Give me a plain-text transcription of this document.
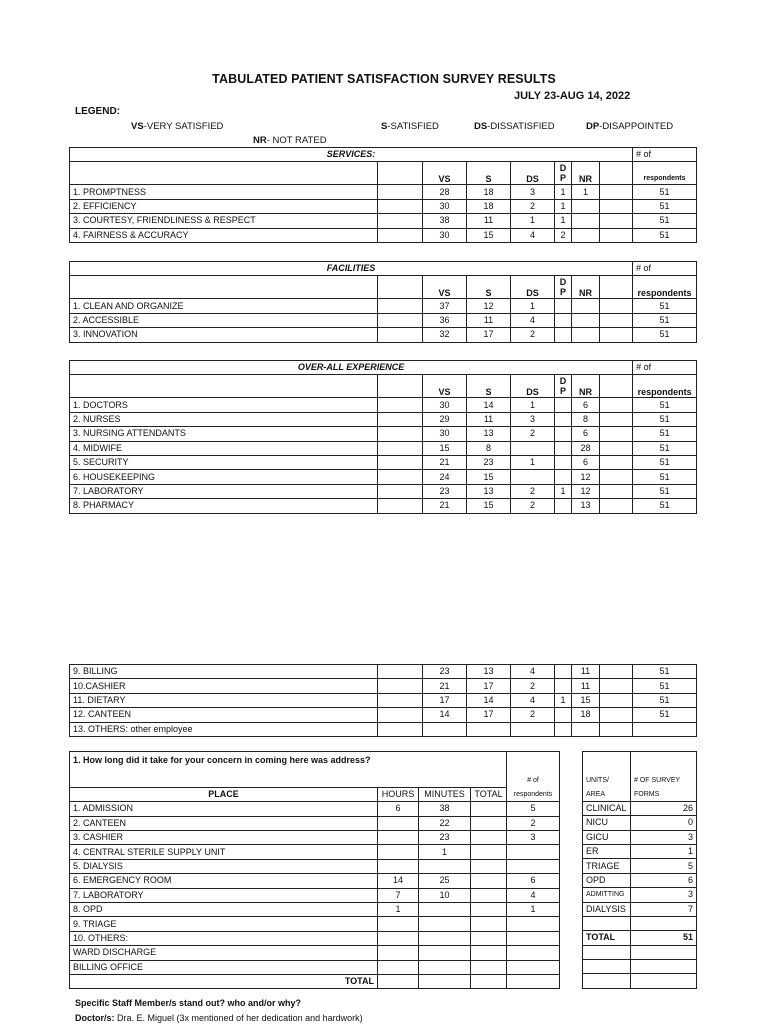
TABULATED PATIENT SATISFACTION SURVEY RESULTS
JULY 23-AUG 14, 2022
LEGEND:
VS-VERY SATISFIED	S-SATISFIED	DS-DISSATISFIED	DP-DISAPPOINTED
NR- NOT RATED
SERVICES:								# of
		VS	S	DS	D
P	NR		respondents
1. PROMPTNESS		28	18	3	1	1		51
2. EFFICIENCY		30	18	2	1			51
3. COURTESY, FRIENDLINESS & RESPECT		38	11	1	1			51
4. FAIRNESS & ACCURACY		30	15	4	2			51
FACILITIES								# of
		VS	S	DS	D
P	NR		respondents
1. CLEAN AND ORGANIZE		37	12	1				51
2. ACCESSIBLE		36	11	4				51
3. INNOVATION		32	17	2				51
OVER-ALL EXPERIENCE								# of
		VS	S	DS	D
P	NR		respondents
1. DOCTORS		30	14	1		6		51
2. NURSES		29	11	3		8		51
3. NURSING ATTENDANTS		30	13	2		6		51
4. MIDWIFE		15	8			28		51
5. SECURITY		21	23	1		6		51
6. HOUSEKEEPING		24	15			12		51
7. LABORATORY		23	13	2	1	12		51
8. PHARMACY		21	15	2		13		51
9. BILLING		23	13	4		11		51
10.CASHIER		21	17	2		11		51
11. DIETARY		17	14	4	1	15		51
12. CANTEEN		14	17	2		18		51
13. OTHERS: other employee								
1. How long did it take for your concern in coming here was address?				
				# of
PLACE	HOURS	MINUTES	TOTAL	respondents
1. ADMISSION	6	38		5
2. CANTEEN		22		2
3. CASHIER		23		3
4. CENTRAL STERILE SUPPLY UNIT		1		
5. DIALYSIS				
6. EMERGENCY ROOM	14	25		6
7. LABORATORY	7	10		4
8. OPD	1			1
9. TRIAGE				
10. OTHERS:				
WARD DISCHARGE				
BILLING OFFICE				
TOTAL				

UNITS/	# OF SURVEY
AREA	FORMS
CLINICAL	26
NICU	0
GICU	3
ER	1
TRIAGE	5
OPD	6
ADMITTING	3
DIALYSIS	7

TOTAL	51

Specific Staff Member/s stand out? who and/or why?
Doctor/s: Dra. E. Miguel (3x mentioned of her dedication and hardwork)
